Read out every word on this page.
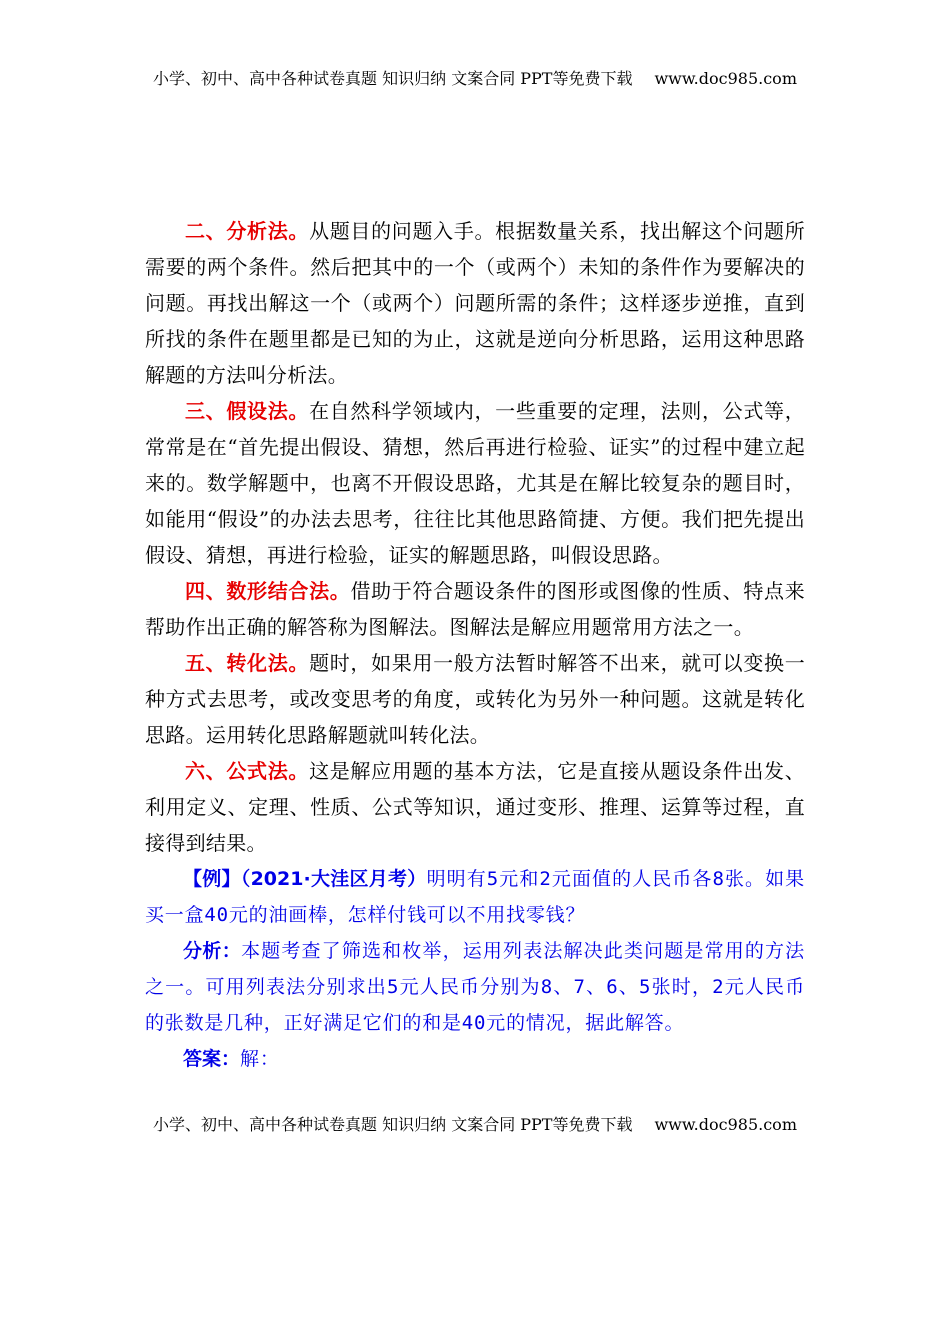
小学、初中、高中各种试卷真题 知识归纳 文案合同 PPT等免费下载 www.doc985.com

二、分析法。从题目的问题入手。根据数量关系，找出解这个问题所需要的两个条件。然后把其中的一个（或两个）未知的条件作为要解决的问题。再找出解这一个（或两个）问题所需的条件；这样逐步逆推，直到所找的条件在题里都是已知的为止，这就是逆向分析思路，运用这种思路解题的方法叫分析法。

三、假设法。在自然科学领域内，一些重要的定理，法则，公式等，常常是在“首先提出假设、猜想，然后再进行检验、证实”的过程中建立起来的。数学解题中，也离不开假设思路，尤其是在解比较复杂的题目时，如能用“假设”的办法去思考，往往比其他思路简捷、方便。我们把先提出假设、猜想，再进行检验，证实的解题思路，叫假设思路。

四、数形结合法。借助于符合题设条件的图形或图像的性质、特点来帮助作出正确的解答称为图解法。图解法是解应用题常用方法之一。

五、转化法。题时，如果用一般方法暂时解答不出来，就可以变换一种方式去思考，或改变思考的角度，或转化为另外一种问题。这就是转化思路。运用转化思路解题就叫转化法。

六、公式法。这是解应用题的基本方法，它是直接从题设条件出发、利用定义、定理、性质、公式等知识，通过变形、推理、运算等过程，直接得到结果。

【例】（2021·大洼区月考）明明有5元和2元面值的人民币各8张。如果买一盒40元的油画棒，怎样付钱可以不用找零钱？

分析：本题考查了筛选和枚举，运用列表法解决此类问题是常用的方法之一。可用列表法分别求出5元人民币分别为8、7、6、5张时，2元人民币的张数是几种，正好满足它们的和是40元的情况，据此解答。

答案：解：

小学、初中、高中各种试卷真题 知识归纳 文案合同 PPT等免费下载 www.doc985.com
